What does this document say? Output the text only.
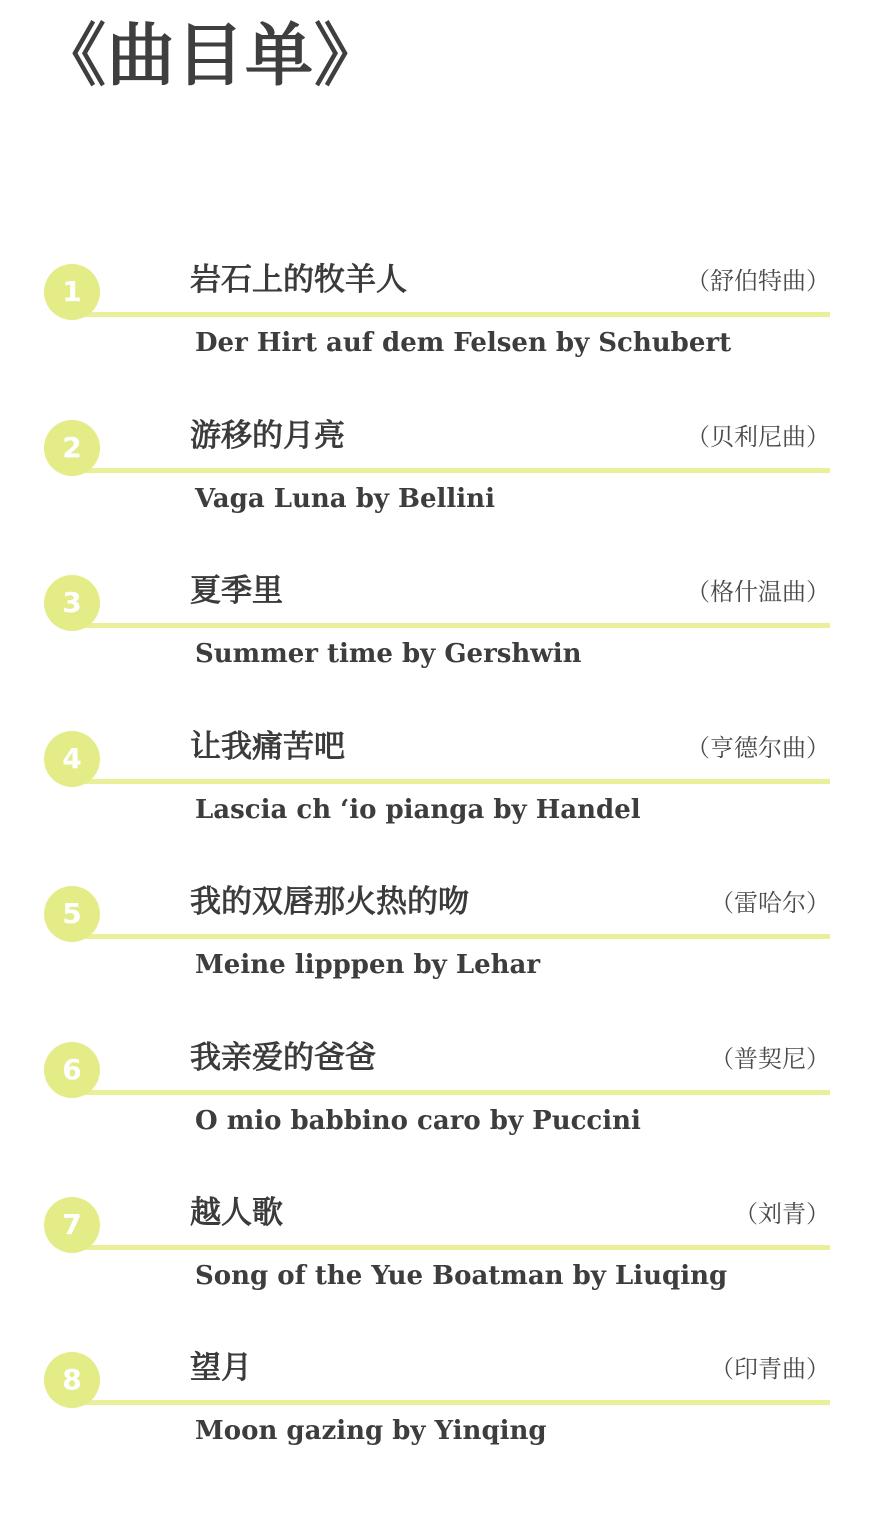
《曲目单》
1	岩石上的牧羊人	（舒伯特曲）
Der Hirt auf dem Felsen by Schubert
2	游移的月亮	（贝利尼曲）
Vaga Luna by Bellini
3	夏季里	（格什温曲）
Summer time by Gershwin
4	让我痛苦吧	（亨德尔曲）
Lascia ch ‘io pianga by Handel
5	我的双唇那火热的吻	（雷哈尔）
Meine lipppen by Lehar
6	我亲爱的爸爸	（普契尼）
O mio babbino caro by Puccini
7	越人歌	（刘青）
Song of the Yue Boatman by Liuqing
8	望月	（印青曲）
Moon gazing by Yinqing
